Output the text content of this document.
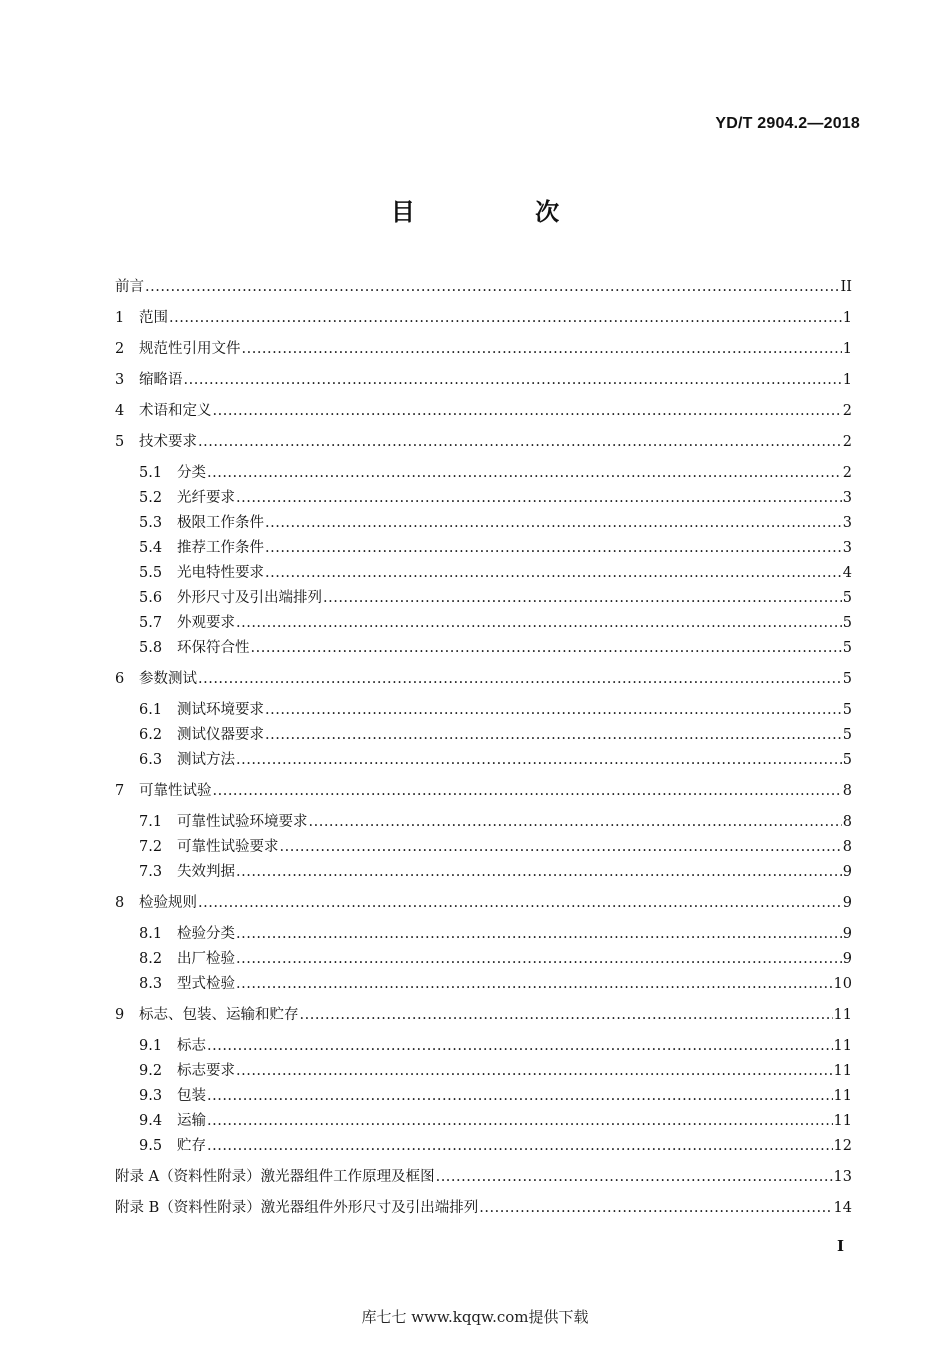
YD/T 2904.2—2018
目 次
前言 .....	II
1	范围 .....	1
2	规范性引用文件 .....	1
3	缩略语 .....	1
4	术语和定义 .....	2
5	技术要求 .....	2
5.1	分类 .....	2
5.2	光纤要求 .....	3
5.3	极限工作条件 .....	3
5.4	推荐工作条件 .....	3
5.5	光电特性要求 .....	4
5.6	外形尺寸及引出端排列 .....	5
5.7	外观要求 .....	5
5.8	环保符合性 .....	5
6	参数测试 .....	5
6.1	测试环境要求 .....	5
6.2	测试仪器要求 .....	5
6.3	测试方法 .....	5
7	可靠性试验 .....	8
7.1	可靠性试验环境要求 .....	8
7.2	可靠性试验要求 .....	8
7.3	失效判据 .....	9
8	检验规则 .....	9
8.1	检验分类 .....	9
8.2	出厂检验 .....	9
8.3	型式检验 .....	10
9	标志、包装、运输和贮存 .....	11
9.1	标志 .....	11
9.2	标志要求 .....	11
9.3	包装 .....	11
9.4	运输 .....	11
9.5	贮存 .....	12
附录 A（资料性附录）激光器组件工作原理及框图 .....	13
附录 B（资料性附录）激光器组件外形尺寸及引出端排列 .....	14
I
库七七 www.kqqw.com提供下载
